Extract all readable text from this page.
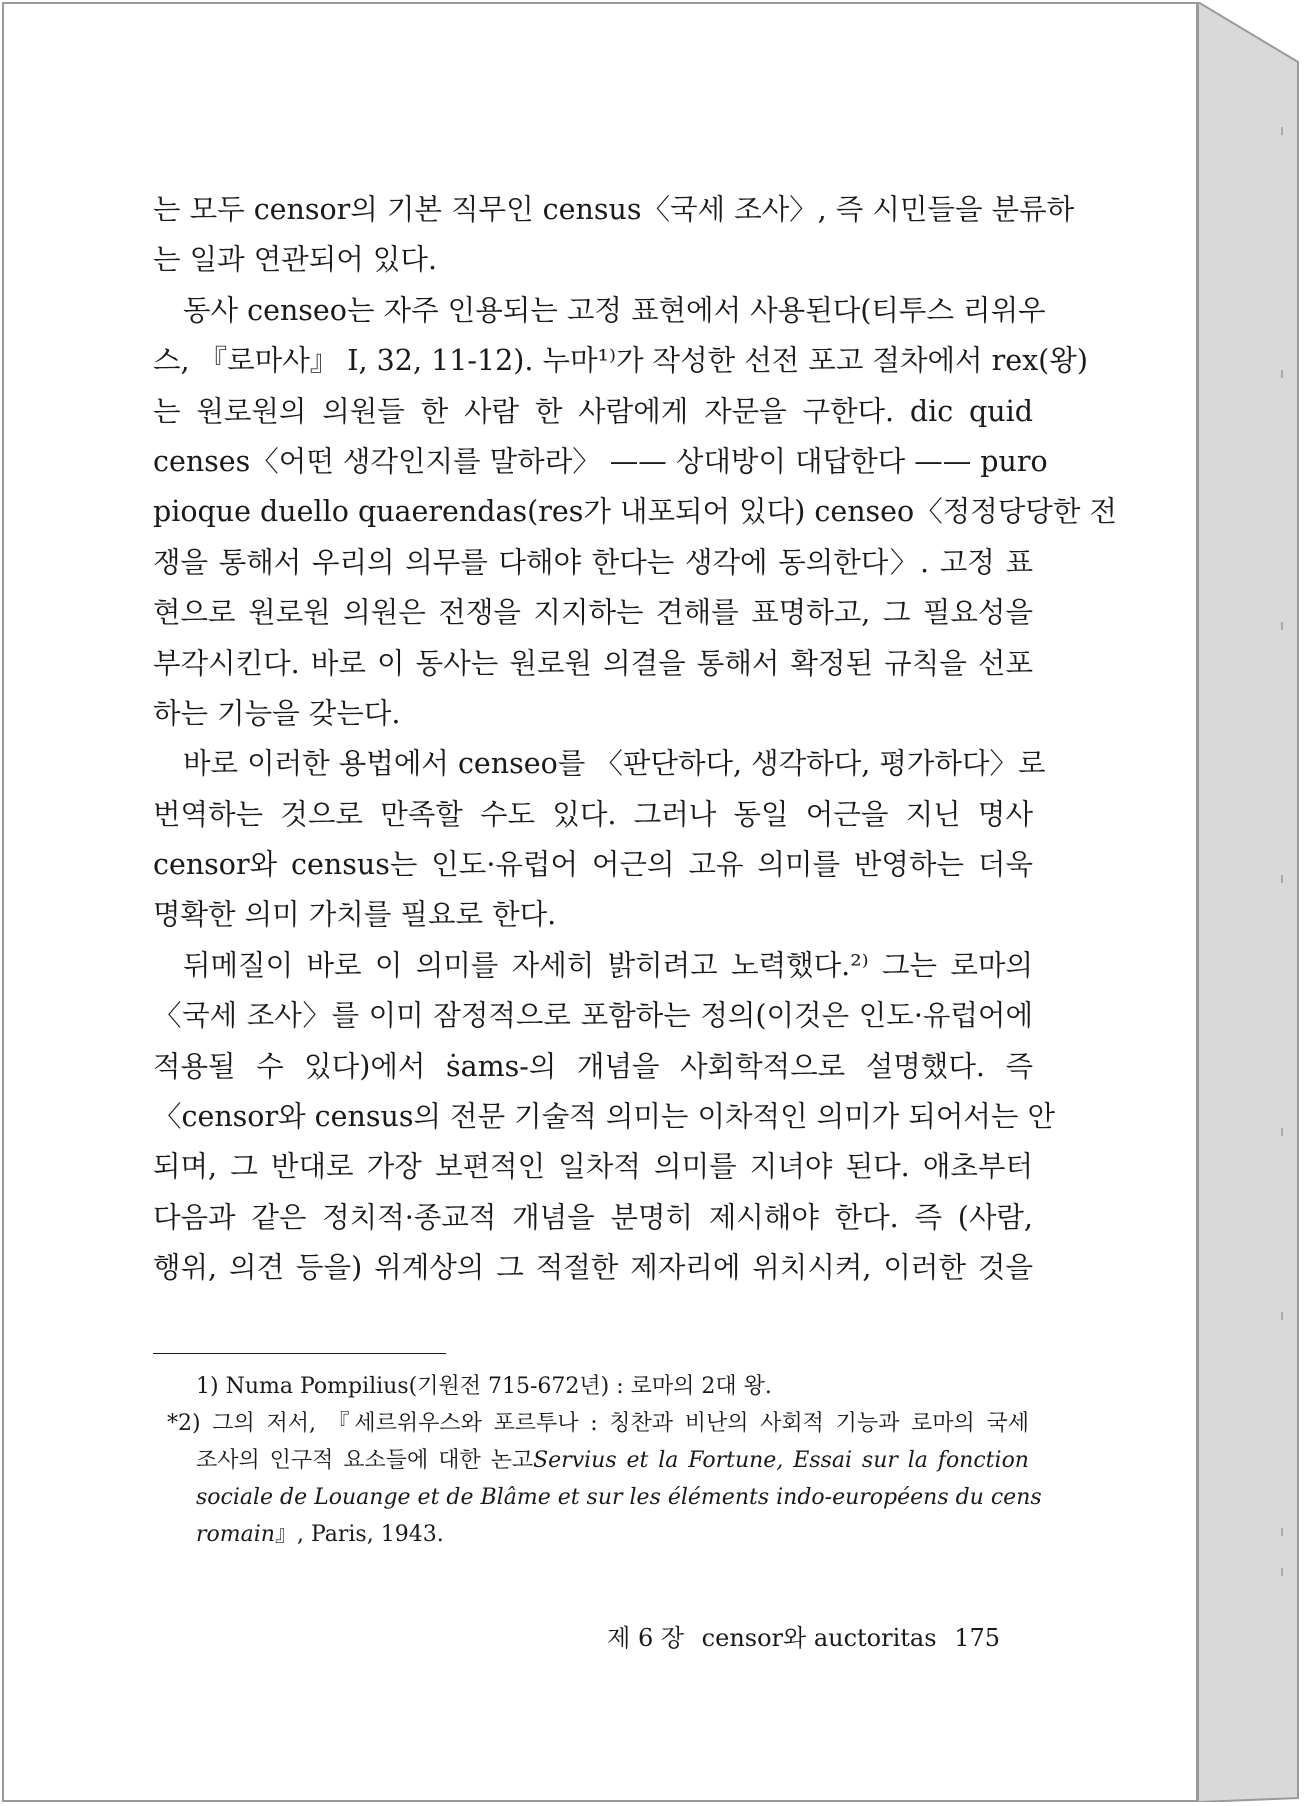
는 모두 censor의 기본 직무인 census〈국세 조사〉, 즉 시민들을 분류하
는 일과 연관되어 있다.
동사 censeo는 자주 인용되는 고정 표현에서 사용된다(티투스 리위우
스, 『로마사』 I, 32, 11-12). 누마¹⁾가 작성한 선전 포고 절차에서 rex(왕)
는 원로원의 의원들 한 사람 한 사람에게 자문을 구한다. dic quid
censes〈어떤 생각인지를 말하라〉 —— 상대방이 대답한다 —— puro
pioque duello quaerendas(res가 내포되어 있다) censeo〈정정당당한 전
쟁을 통해서 우리의 의무를 다해야 한다는 생각에 동의한다〉. 고정 표
현으로 원로원 의원은 전쟁을 지지하는 견해를 표명하고, 그 필요성을
부각시킨다. 바로 이 동사는 원로원 의결을 통해서 확정된 규칙을 선포
하는 기능을 갖는다.
바로 이러한 용법에서 censeo를 〈판단하다, 생각하다, 평가하다〉로
번역하는 것으로 만족할 수도 있다. 그러나 동일 어근을 지닌 명사
censor와 census는 인도·유럽어 어근의 고유 의미를 반영하는 더욱
명확한 의미 가치를 필요로 한다.
뒤메질이 바로 이 의미를 자세히 밝히려고 노력했다.²⁾ 그는 로마의
〈국세 조사〉를 이미 잠정적으로 포함하는 정의(이것은 인도·유럽어에
적용될 수 있다)에서 ṡams-의 개념을 사회학적으로 설명했다. 즉
〈censor와 census의 전문 기술적 의미는 이차적인 의미가 되어서는 안
되며, 그 반대로 가장 보편적인 일차적 의미를 지녀야 된다. 애초부터
다음과 같은 정치적·종교적 개념을 분명히 제시해야 한다. 즉 (사람,
행위, 의견 등을) 위계상의 그 적절한 제자리에 위치시켜, 이러한 것을
1) Numa Pompilius(기원전 715-672년) : 로마의 2대 왕.
*2) 그의 저서, 『세르위우스와 포르투나 : 칭찬과 비난의 사회적 기능과 로마의 국세
조사의 인구적 요소들에 대한 논고Servius et la Fortune, Essai sur la fonction
sociale de Louange et de Blâme et sur les éléments indo-européens du cens
romain』, Paris, 1943.
제 6 장 censor와 auctoritas 175
